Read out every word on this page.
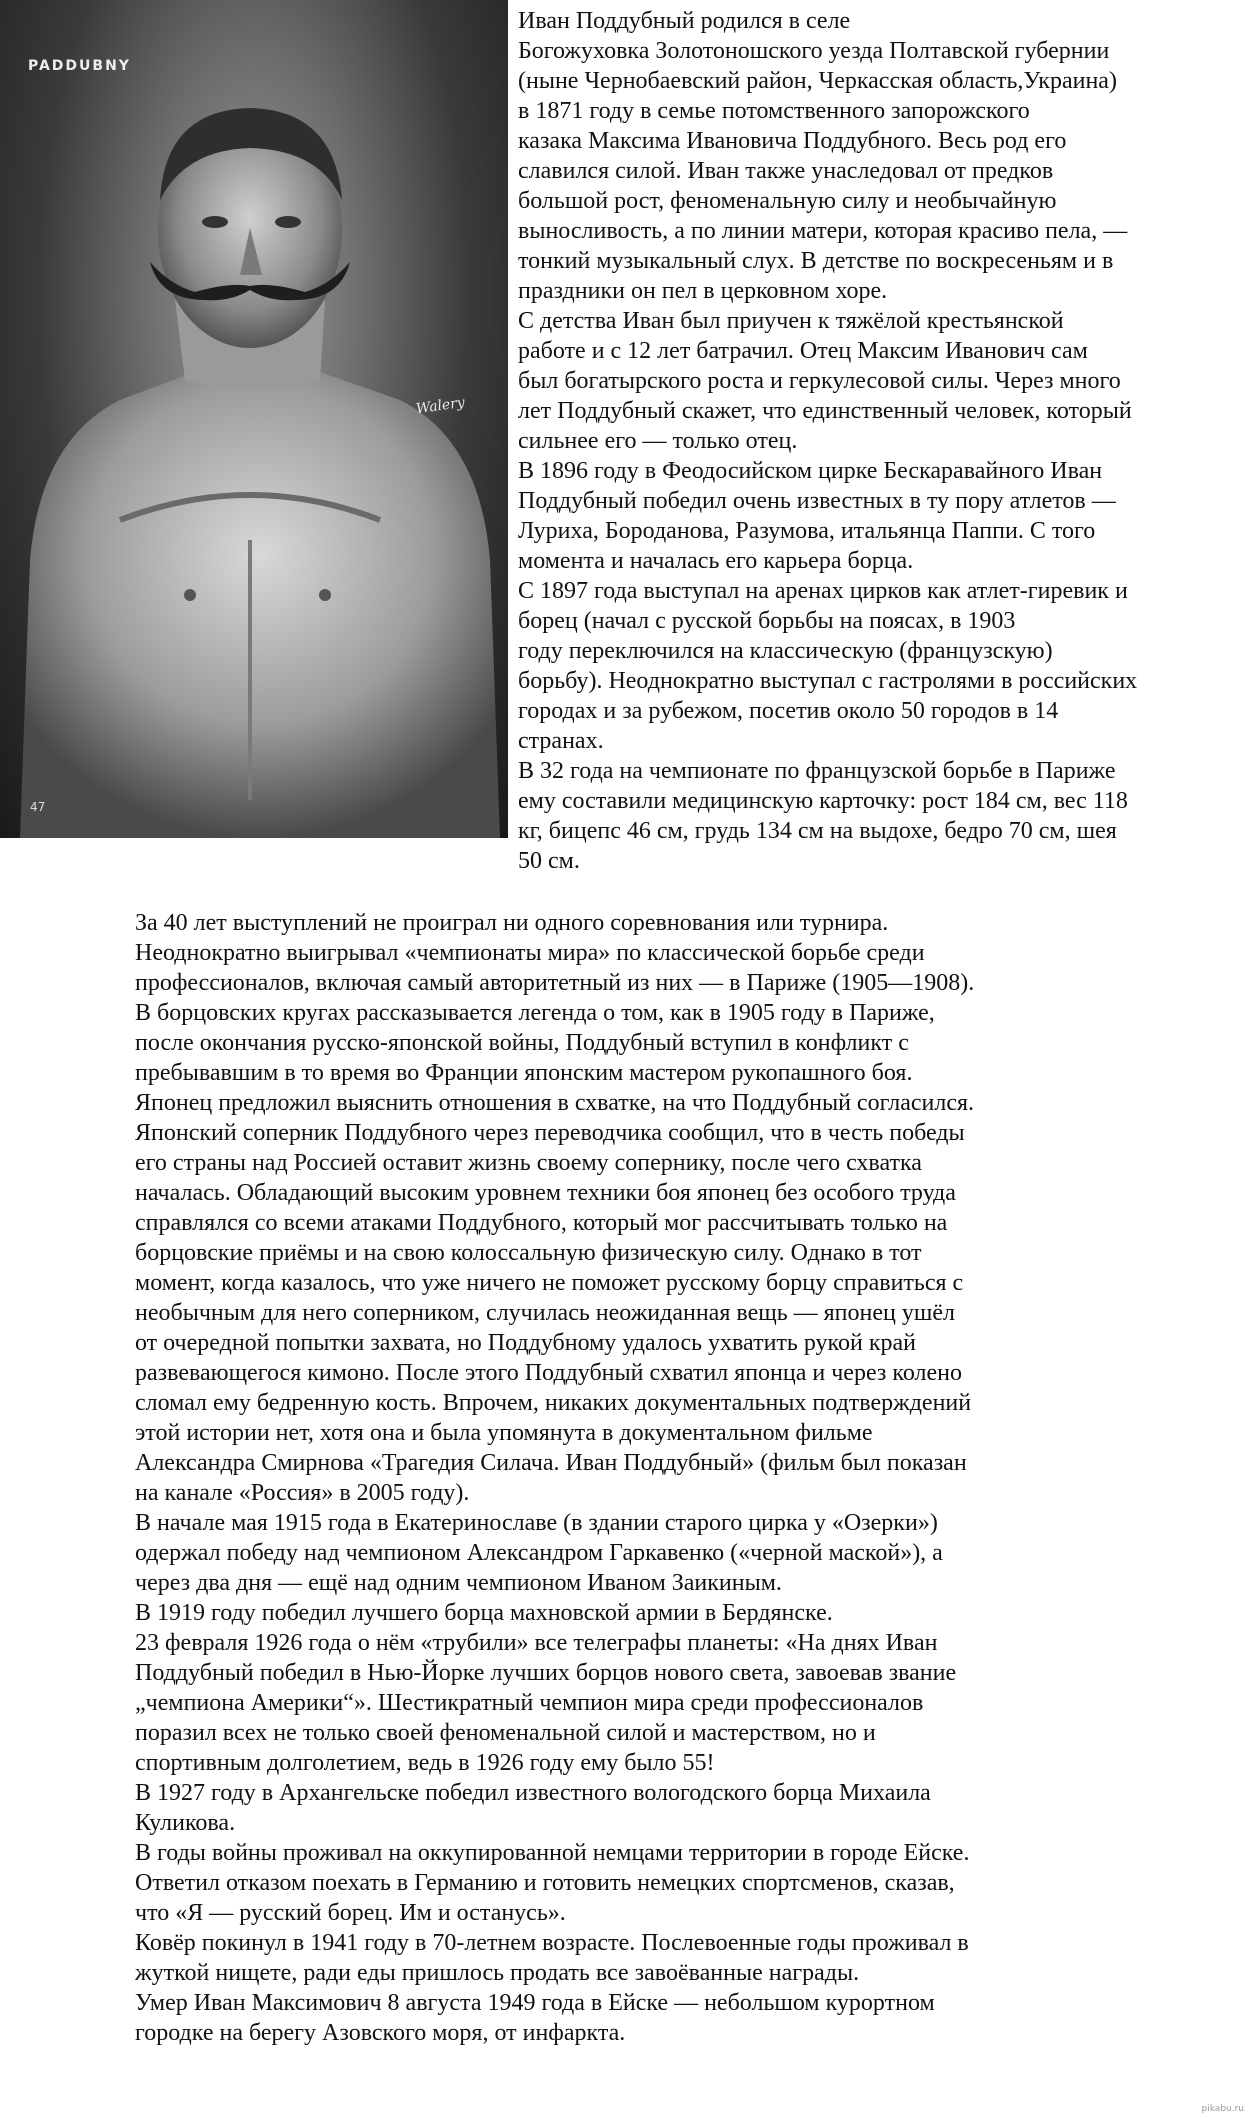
PADDUBNY
Walery
47

Иван Поддубный родился в селе
Богожуховка Золотоношского уезда Полтавской губернии
(ныне Чернобаевский район, Черкасская область,Украина)
в 1871 году в семье потомственного запорожского
казака Максима Ивановича Поддубного. Весь род его
славился силой. Иван также унаследовал от предков
большой рост, феноменальную силу и необычайную
выносливость, а по линии матери, которая красиво пела, —
тонкий музыкальный слух. В детстве по воскресеньям и в
праздники он пел в церковном хоре.

С детства Иван был приучен к тяжёлой крестьянской
работе и с 12 лет батрачил. Отец Максим Иванович сам
был богатырского роста и геркулесовой силы. Через много
лет Поддубный скажет, что единственный человек, который
сильнее его — только отец.

В 1896 году в Феодосийском цирке Бескаравайного Иван
Поддубный победил очень известных в ту пору атлетов —
Луриха, Бороданова, Разумова, итальянца Паппи. С того
момента и началась его карьера борца.

С 1897 года выступал на аренах цирков как атлет-гиревик и
борец (начал с русской борьбы на поясах, в 1903
году переключился на классическую (французскую)
борьбу). Неоднократно выступал с гастролями в российских
городах и за рубежом, посетив около 50 городов в 14
странах.

В 32 года на чемпионате по французской борьбе в Париже
ему составили медицинскую карточку: рост 184 см, вес 118
кг, бицепс 46 см, грудь 134 см на выдохе, бедро 70 см, шея
50 см.

За 40 лет выступлений не проиграл ни одного соревнования или турнира.
Неоднократно выигрывал «чемпионаты мира» по классической борьбе среди
профессионалов, включая самый авторитетный из них — в Париже (1905—1908).

В борцовских кругах рассказывается легенда о том, как в 1905 году в Париже,
после окончания русско-японской войны, Поддубный вступил в конфликт с
пребывавшим в то время во Франции японским мастером рукопашного боя.
Японец предложил выяснить отношения в схватке, на что Поддубный согласился.
Японский соперник Поддубного через переводчика сообщил, что в честь победы
его страны над Россией оставит жизнь своему сопернику, после чего схватка
началась. Обладающий высоким уровнем техники боя японец без особого труда
справлялся со всеми атаками Поддубного, который мог рассчитывать только на
борцовские приёмы и на свою колоссальную физическую силу. Однако в тот
момент, когда казалось, что уже ничего не поможет русскому борцу справиться с
необычным для него соперником, случилась неожиданная вещь — японец ушёл
от очередной попытки захвата, но Поддубному удалось ухватить рукой край
развевающегося кимоно. После этого Поддубный схватил японца и через колено
сломал ему бедренную кость. Впрочем, никаких документальных подтверждений
этой истории нет, хотя она и была упомянута в документальном фильме
Александра Смирнова «Трагедия Силача. Иван Поддубный» (фильм был показан
на канале «Россия» в 2005 году).

В начале мая 1915 года в Екатеринославе (в здании старого цирка у «Озерки»)
одержал победу над чемпионом Александром Гаркавенко («черной маской»), а
через два дня — ещё над одним чемпионом Иваном Заикиным.

В 1919 году победил лучшего борца махновской армии в Бердянске.

23 февраля 1926 года о нём «трубили» все телеграфы планеты: «На днях Иван
Поддубный победил в Нью-Йорке лучших борцов нового света, завоевав звание
„чемпиона Америки“». Шестикратный чемпион мира среди профессионалов
поразил всех не только своей феноменальной силой и мастерством, но и
спортивным долголетием, ведь в 1926 году ему было 55!

В 1927 году в Архангельске победил известного вологодского борца Михаила
Куликова.

В годы войны проживал на оккупированной немцами территории в городе Ейске.
Ответил отказом поехать в Германию и готовить немецких спортсменов, сказав,
что «Я — русский борец. Им и останусь».

Ковёр покинул в 1941 году в 70-летнем возрасте. Послевоенные годы проживал в
жуткой нищете, ради еды пришлось продать все завоёванные награды.

Умер Иван Максимович 8 августа 1949 года в Ейске — небольшом курортном
городке на берегу Азовского моря, от инфаркта.

pikabu.ru
